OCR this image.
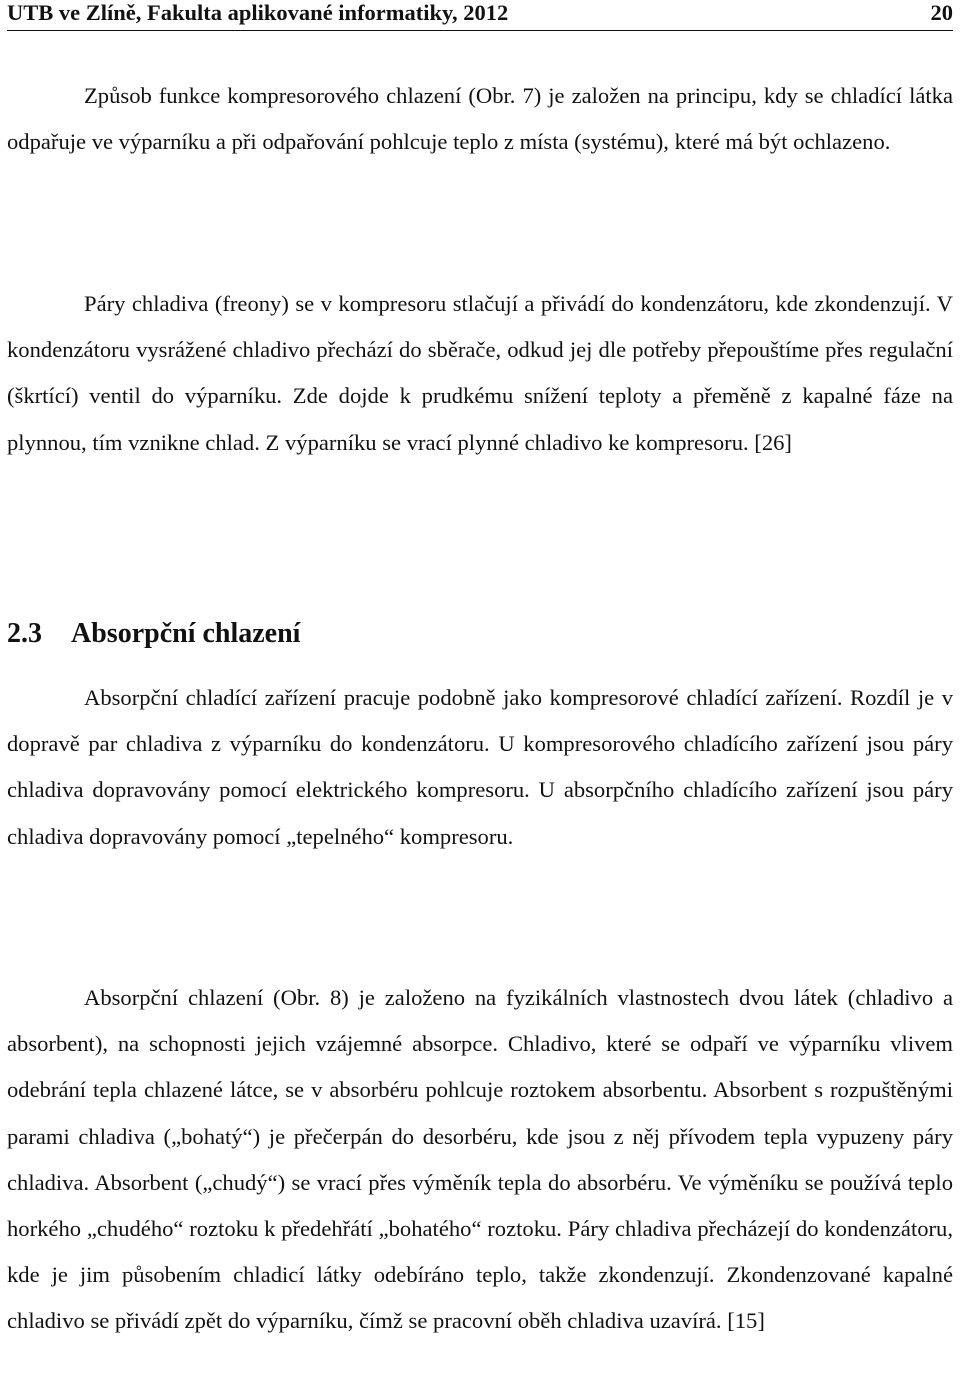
UTB ve Zlíně, Fakulta aplikované informatiky, 2012	20

Způsob funkce kompresorového chlazení (Obr. 7) je založen na principu, kdy se chladící látka odpařuje ve výparníku a při odpařování pohlcuje teplo z místa (systému), které má být ochlazeno.

Páry chladiva (freony) se v kompresoru stlačují a přivádí do kondenzátoru, kde zkondenzují. V kondenzátoru vysrážené chladivo přechází do sběrače, odkud jej dle potřeby přepouštíme přes regulační (škrtící) ventil do výparníku. Zde dojde k prudkému snížení teploty a přeměně z kapalné fáze na plynnou, tím vznikne chlad. Z výparníku se vrací plynné chladivo ke kompresoru. [26]

2.3 Absorpční chlazení

Absorpční chladící zařízení pracuje podobně jako kompresorové chladící zařízení. Rozdíl je v dopravě par chladiva z výparníku do kondenzátoru. U kompresorového chladícího zařízení jsou páry chladiva dopravovány pomocí elektrického kompresoru. U absorpčního chladícího zařízení jsou páry chladiva dopravovány pomocí „tepelného“ kompresoru.

Absorpční chlazení (Obr. 8) je založeno na fyzikálních vlastnostech dvou látek (chladivo a absorbent), na schopnosti jejich vzájemné absorpce. Chladivo, které se odpaří ve výparníku vlivem odebrání tepla chlazené látce, se v absorbéru pohlcuje roztokem absorbentu. Absorbent s rozpuštěnými parami chladiva („bohatý“) je přečerpán do desorbéru, kde jsou z něj přívodem tepla vypuzeny páry chladiva. Absorbent („chudý“) se vrací přes výměník tepla do absorbéru. Ve výměníku se používá teplo horkého „chudého“ roztoku k předehřátí „bohatého“ roztoku. Páry chladiva přecházejí do kondenzátoru, kde je jim působením chladicí látky odebíráno teplo, takže zkondenzují. Zkondenzované kapalné chladivo se přivádí zpět do výparníku, čímž se pracovní oběh chladiva uzavírá. [15]
